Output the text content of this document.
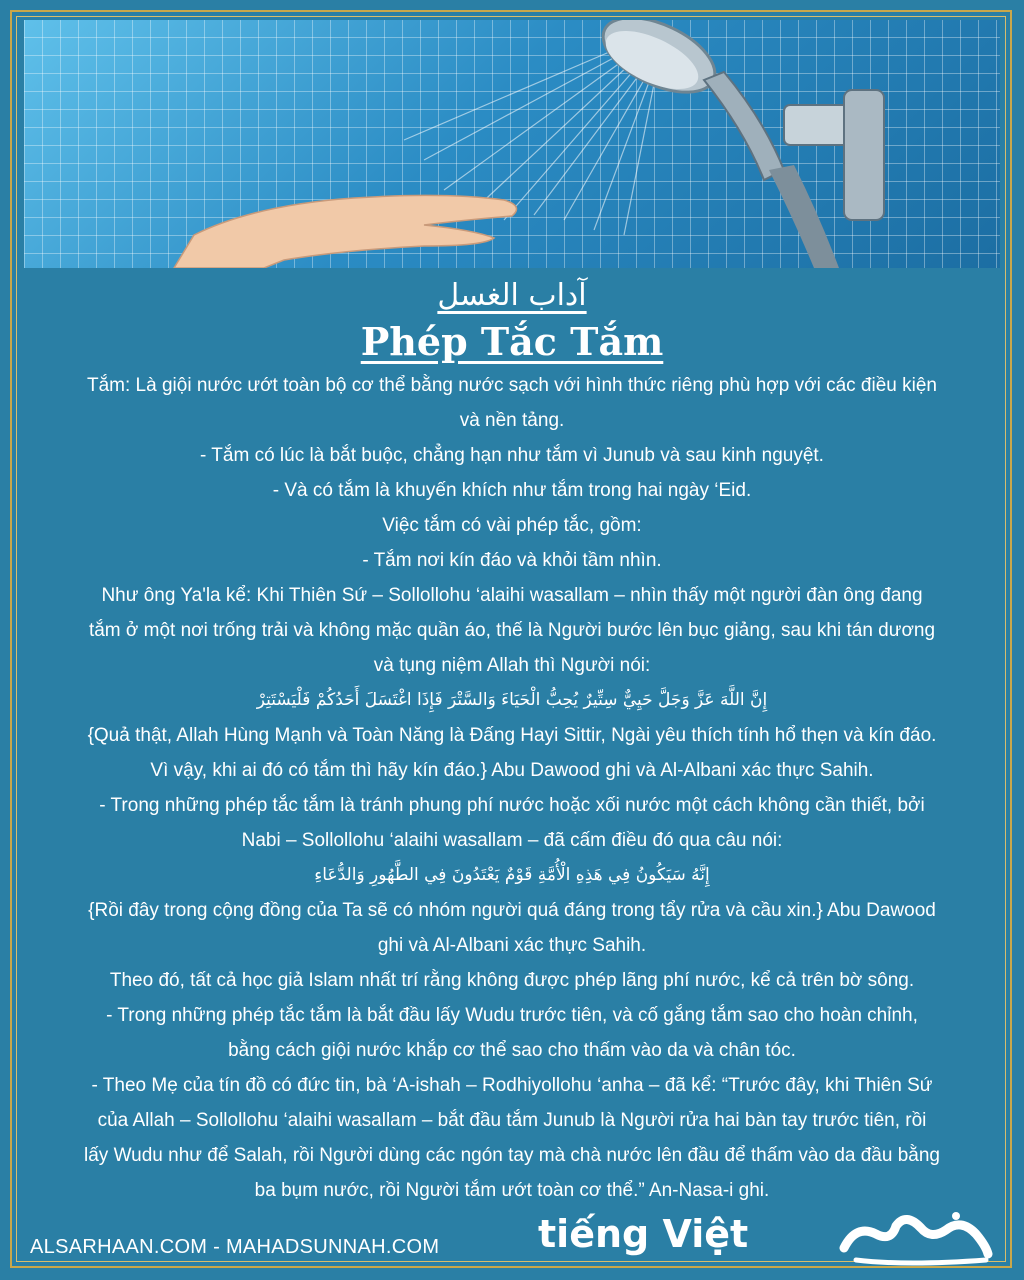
آداب الغسل

Phép Tắc Tắm

Tắm: Là giội nước ướt toàn bộ cơ thể bằng nước sạch với hình thức riêng phù hợp với các điều kiện

và nền tảng.

- Tắm có lúc là bắt buộc, chẳng hạn như tắm vì Junub và sau kinh nguyệt.

- Và có tắm là khuyến khích như tắm trong hai ngày ‘Eid.

Việc tắm có vài phép tắc, gồm:

- Tắm nơi kín đáo và khỏi tầm nhìn.

Như ông Ya'la kể: Khi Thiên Sứ – Sollollohu ‘alaihi wasallam – nhìn thấy một người đàn ông đang

tắm ở một nơi trống trải và không mặc quần áo, thế là Người bước lên bục giảng, sau khi tán dương

và tụng niệm Allah thì Người nói:

إِنَّ اللَّهَ عَزَّ وَجَلَّ حَيِيٌّ سِتِّيرٌ يُحِبُّ الْحَيَاءَ وَالسَّتْرَ فَإِذَا اغْتَسَلَ أَحَدُكُمْ فَلْيَسْتَتِرْ

{Quả thật, Allah Hùng Mạnh và Toàn Năng là Đấng Hayi Sittir, Ngài yêu thích tính hổ thẹn và kín đáo.

Vì vậy, khi ai đó có tắm thì hãy kín đáo.} Abu Dawood ghi và Al-Albani xác thực Sahih.

- Trong những phép tắc tắm là tránh phung phí nước hoặc xối nước một cách không cần thiết, bởi

Nabi – Sollollohu ‘alaihi wasallam – đã cấm điều đó qua câu nói:

إِنَّهُ سَيَكُونُ فِي هَذِهِ الْأُمَّةِ قَوْمٌ يَعْتَدُونَ فِي الطَّهُورِ وَالدُّعَاءِ

{Rồi đây trong cộng đồng của Ta sẽ có nhóm người quá đáng trong tẩy rửa và cầu xin.} Abu Dawood

ghi và Al-Albani xác thực Sahih.

Theo đó, tất cả học giả Islam nhất trí rằng không được phép lãng phí nước, kể cả trên bờ sông.

- Trong những phép tắc tắm là bắt đầu lấy Wudu trước tiên, và cố gắng tắm sao cho hoàn chỉnh,

bằng cách giội nước khắp cơ thể sao cho thấm vào da và chân tóc.

- Theo Mẹ của tín đồ có đức tin, bà ‘A-ishah – Rodhiyollohu ‘anha – đã kể: “Trước đây, khi Thiên Sứ

của Allah – Sollollohu ‘alaihi wasallam – bắt đầu tắm Junub là Người rửa hai bàn tay trước tiên, rồi

lấy Wudu như để Salah, rồi Người dùng các ngón tay mà chà nước lên đầu để thấm vào da đầu bằng

ba bụm nước, rồi Người tắm ướt toàn cơ thể.” An-Nasa-i ghi.

ALSARHAAN.COM - MAHADSUNNAH.COM	tiếng Việt
